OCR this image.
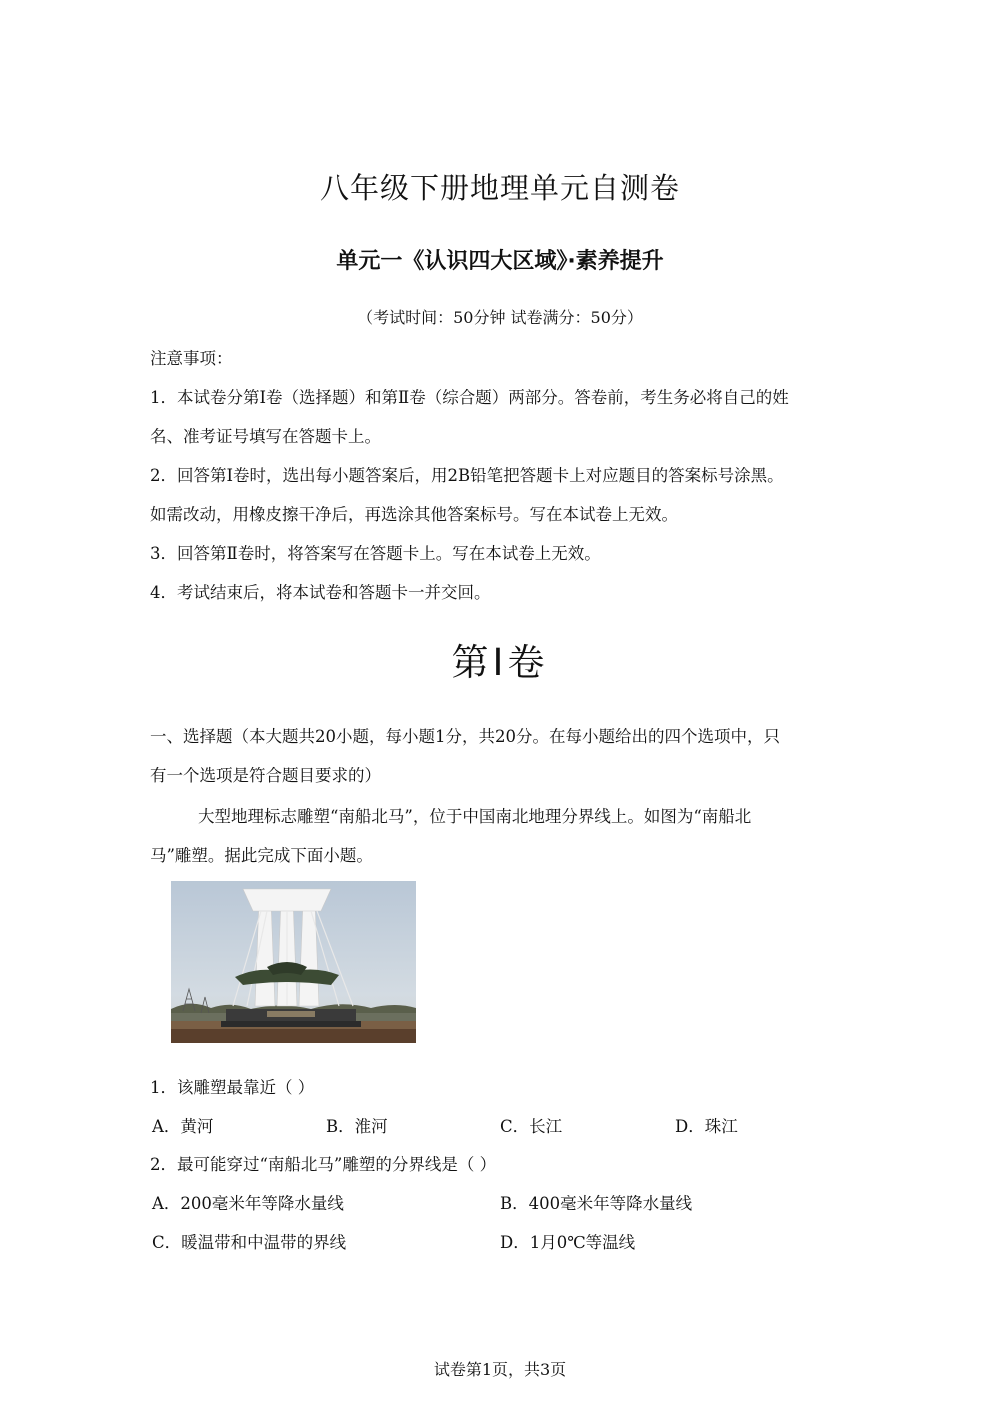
八年级下册地理单元自测卷
单元一《认识四大区域》·素养提升
（考试时间：50分钟 试卷满分：50分）
注意事项：
1．本试卷分第Ⅰ卷（选择题）和第Ⅱ卷（综合题）两部分。答卷前，考生务必将自己的姓
名、准考证号填写在答题卡上。
2．回答第Ⅰ卷时，选出每小题答案后，用2B铅笔把答题卡上对应题目的答案标号涂黑。
如需改动，用橡皮擦干净后，再选涂其他答案标号。写在本试卷上无效。
3．回答第Ⅱ卷时，将答案写在答题卡上。写在本试卷上无效。
4．考试结束后，将本试卷和答题卡一并交回。
第Ⅰ卷
一、选择题（本大题共20小题，每小题1分，共20分。在每小题给出的四个选项中，只
有一个选项是符合题目要求的）
大型地理标志雕塑“南船北马”，位于中国南北地理分界线上。如图为“南船北
马”雕塑。据此完成下面小题。
1．该雕塑最靠近（ ）
A．黄河	B．淮河	C．长江	D．珠江
2．最可能穿过“南船北马”雕塑的分界线是（ ）
A．200毫米年等降水量线	B．400毫米年等降水量线
C．暖温带和中温带的界线	D．1月0℃等温线
试卷第1页，共3页
